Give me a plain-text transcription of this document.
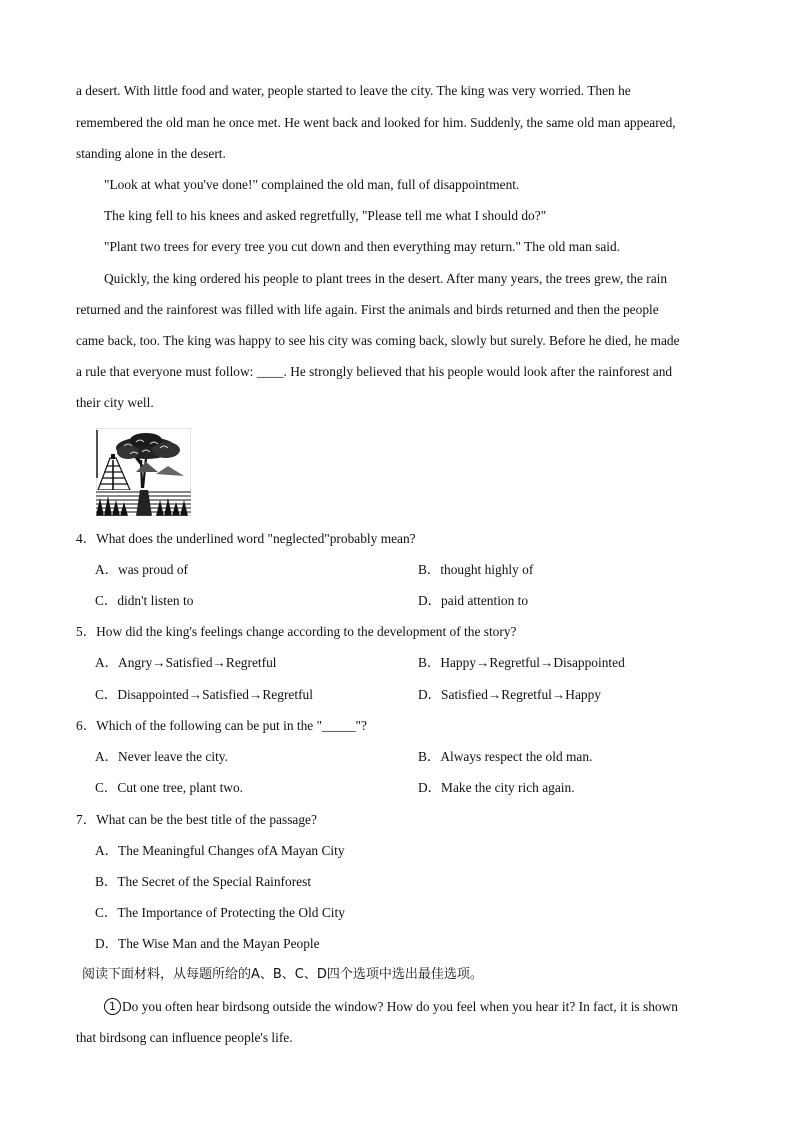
a desert. With little food and water, people started to leave the city. The king was very worried. Then he
remembered the old man he once met. He went back and looked for him. Suddenly, the same old man appeared,
standing alone in the desert.
"Look at what you've done!" complained the old man, full of disappointment.
The king fell to his knees and asked regretfully, "Please tell me what I should do?"
"Plant two trees for every tree you cut down and then everything may return." The old man said.
Quickly, the king ordered his people to plant trees in the desert. After many years, the trees grew, the rain
returned and the rainforest was filled with life again. First the animals and birds returned and then the people
came back, too. The king was happy to see his city was coming back, slowly but surely. Before he died, he made
a rule that everyone must follow: ____. He strongly believed that his people would look after the rainforest and
their city well.
4．What does the underlined word "neglected"probably mean?
A．was proud of	B．thought highly of
C．didn't listen to	D．paid attention to
5．How did the king's feelings change according to the development of the story?
A．Angry→Satisfied→Regretful	B．Happy→Regretful→Disappointed
C．Disappointed→Satisfied→Regretful	D．Satisfied→Regretful→Happy
6．Which of the following can be put in the "_____"?
A．Never leave the city.	B．Always respect the old man.
C．Cut one tree, plant two.	D．Make the city rich again.
7．What can be the best title of the passage?
A．The Meaningful Changes ofA Mayan City
B．The Secret of the Special Rainforest
C．The Importance of Protecting the Old City
D．The Wise Man and the Mayan People
阅读下面材料，从每题所给的A、B、C、D四个选项中选出最佳选项。
1 Do you often hear birdsong outside the window? How do you feel when you hear it? In fact, it is shown
that birdsong can influence people's life.
